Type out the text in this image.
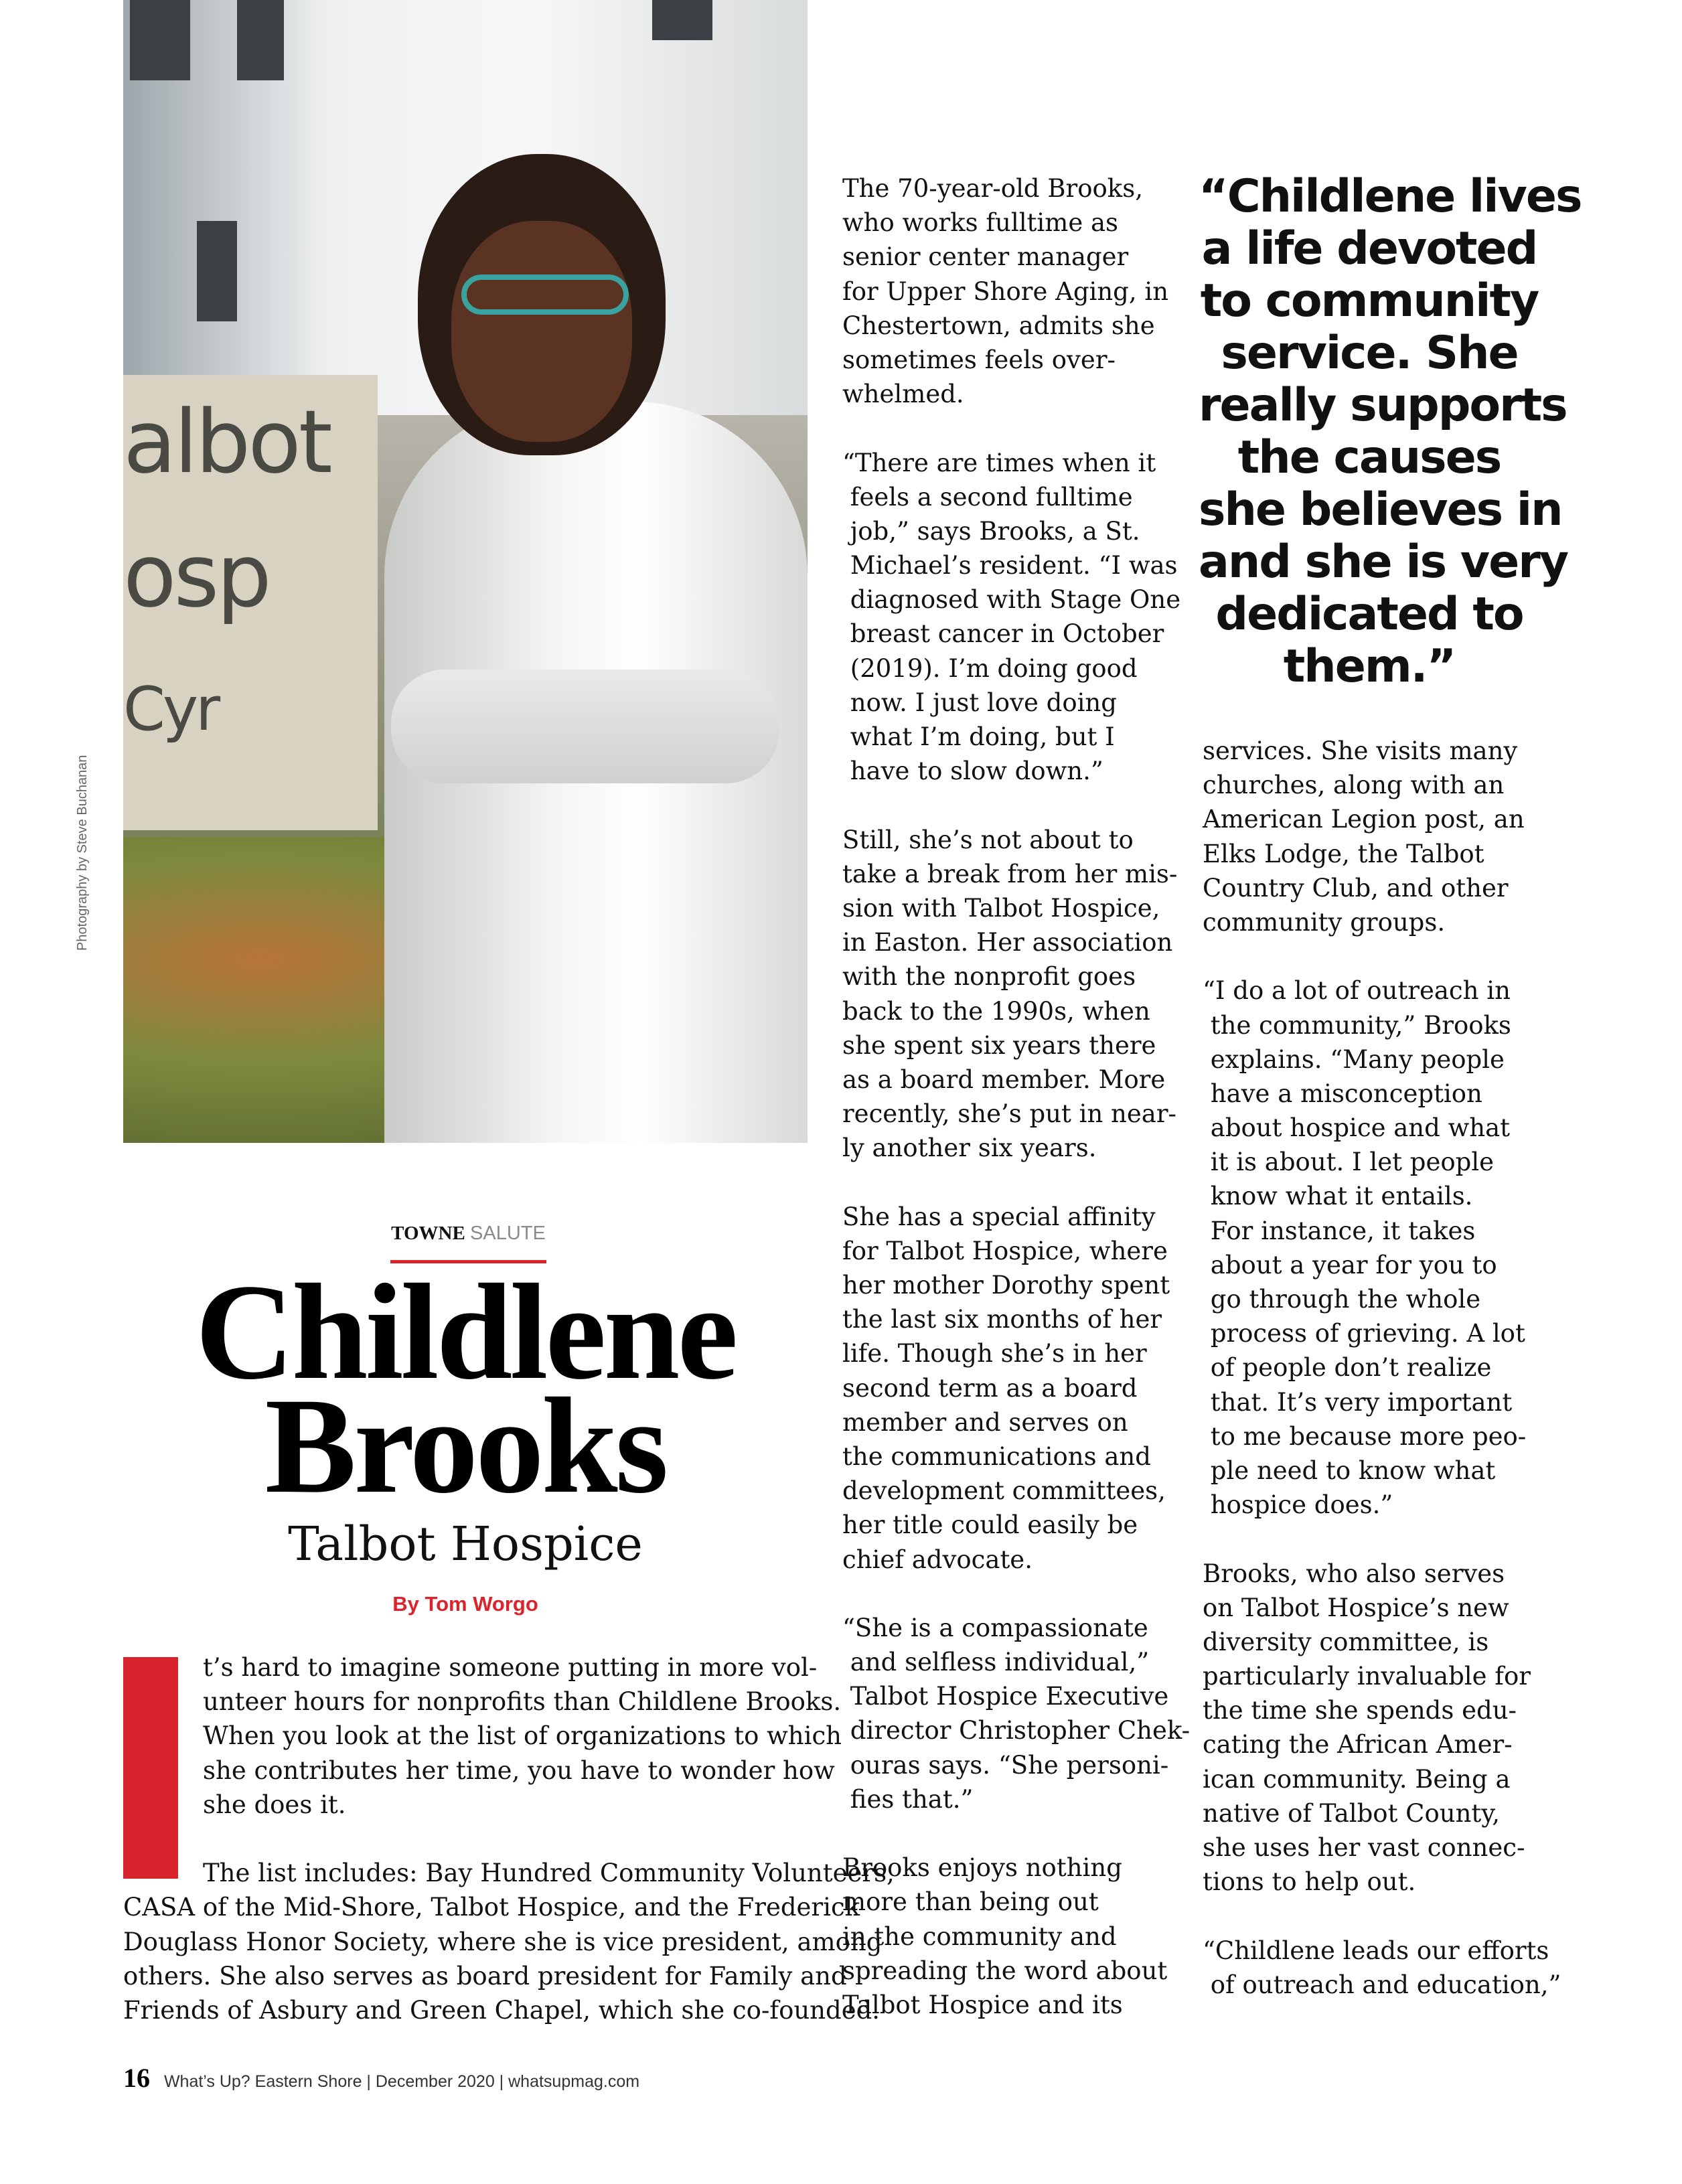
albot
osp
Cyr
Photography by Steve Buchanan
TOWNE SALUTE
Childlene
Brooks
Talbot Hospice
By Tom Worgo
t’s hard to imagine someone putting in more vol-
unteer hours for nonprofits than Childlene Brooks.
When you look at the list of organizations to which
she contributes her time, you have to wonder how
she does it.
The list includes: Bay Hundred Community Volunteers,
CASA of the Mid-Shore, Talbot Hospice, and the Frederick
Douglass Honor Society, where she is vice president, among
others. She also serves as board president for Family and
Friends of Asbury and Green Chapel, which she co-founded.
The 70-year-old Brooks,
who works fulltime as
senior center manager
for Upper Shore Aging, in
Chestertown, admits she
sometimes feels over-
whelmed.
“There are times when it
feels a second fulltime
job,” says Brooks, a St.
Michael’s resident. “I was
diagnosed with Stage One
breast cancer in October
(2019). I’m doing good
now. I just love doing
what I’m doing, but I
have to slow down.”
Still, she’s not about to
take a break from her mis-
sion with Talbot Hospice,
in Easton. Her association
with the nonprofit goes
back to the 1990s, when
she spent six years there
as a board member. More
recently, she’s put in near-
ly another six years.
She has a special affinity
for Talbot Hospice, where
her mother Dorothy spent
the last six months of her
life. Though she’s in her
second term as a board
member and serves on
the communications and
development committees,
her title could easily be
chief advocate.
“She is a compassionate
and selfless individual,”
Talbot Hospice Executive
director Christopher Chek-
ouras says. “She personi-
fies that.”
Brooks enjoys nothing
more than being out
in the community and
spreading the word about
Talbot Hospice and its
“Childlene lives
a life devoted
to community
service. She
really supports
the causes
she believes in
and she is very
dedicated to
them.”
services. She visits many
churches, along with an
American Legion post, an
Elks Lodge, the Talbot
Country Club, and other
community groups.
“I do a lot of outreach in
the community,” Brooks
explains. “Many people
have a misconception
about hospice and what
it is about. I let people
know what it entails.
For instance, it takes
about a year for you to
go through the whole
process of grieving. A lot
of people don’t realize
that. It’s very important
to me because more peo-
ple need to know what
hospice does.”
Brooks, who also serves
on Talbot Hospice’s new
diversity committee, is
particularly invaluable for
the time she spends edu-
cating the African Amer-
ican community. Being a
native of Talbot County,
she uses her vast connec-
tions to help out.
“Childlene leads our efforts
of outreach and education,”
16 What’s Up? Eastern Shore | December 2020 | whatsupmag.com
